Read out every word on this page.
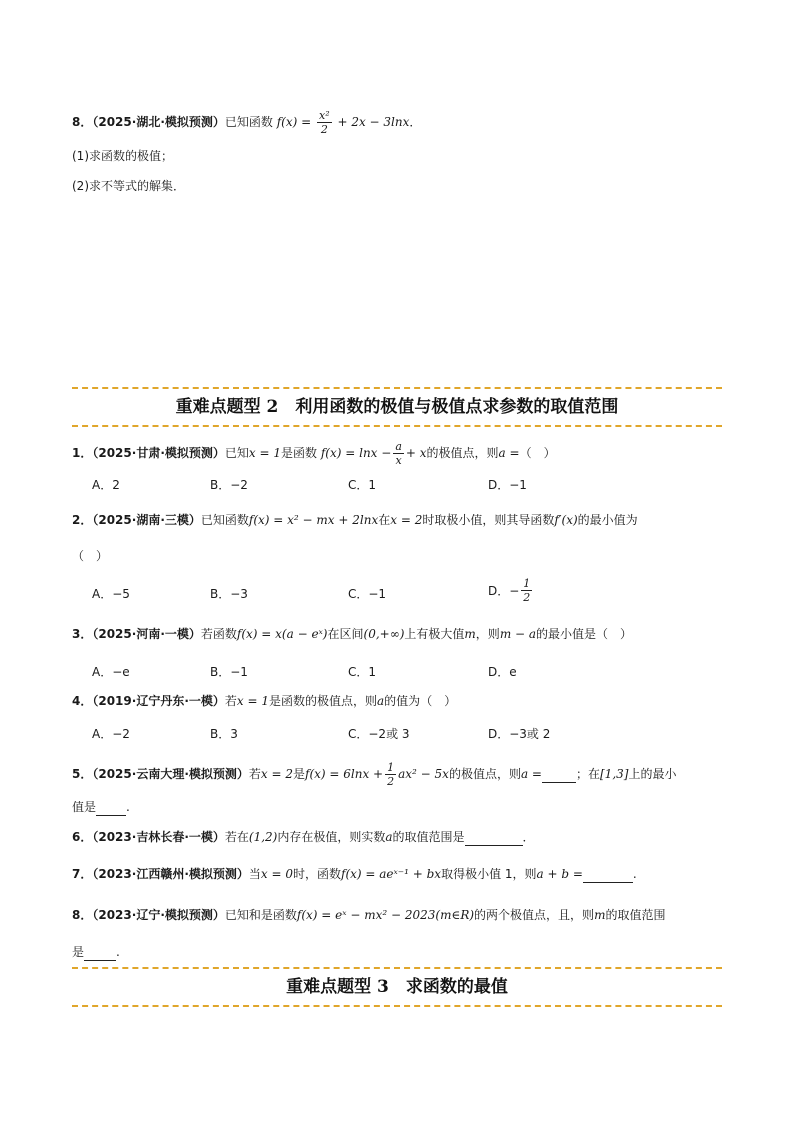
8．（2025·湖北·模拟预测）已知函数 $f(x) = \frac{\text{x²}}{2} + 2x - 3\ln x$．
(1)求函数的极值；
(2)求不等式的解集．
重难点题型 2　利用函数的极值与极值点求参数的取值范围
1．（2025·甘肃·模拟预测）已知x = 1是函数 $f(x) = \ln x - \frac{a}{x} + x$的极值点，则a =（　）
A．2	B．−2	C．1	D．−1
2．（2025·湖南·三模）已知函数f(x) = x² − mx + 2lnx在x = 2时取极小值，则其导函数f′(x)的最小值为
（　）
A．−5	B．−3	C．−1	D．− $\frac{1}{2}$
3．（2025·河南·一模）若函数f(x) = x(a − eˣ)在区间(0,+∞)上有极大值m，则m − a的最小值是（　）
A．−e	B．−1	C．1	D．e
4．（2019·辽宁丹东·一模）若x = 1是函数的极值点，则a的值为（　）
A．−2	B．3	C．−2或 3	D．−3或 2
5．（2025·云南大理·模拟预测）若x = 2是$f(x) = 6\ln x + \frac{1}{2} ax^2 - 5x$的极值点，则a =	；在[1,3]上的最小
值是	.
6．（2023·吉林长春·一模）若在(1,2)内存在极值，则实数a的取值范围是	．
7．（2023·江西赣州·模拟预测）当x = 0时，函数f(x) = aeˣ⁻¹ + bx取得极小值 1，则a + b =	.
8．（2023·辽宁·模拟预测）已知和是函数f(x) = eˣ − mx² − 2023(m∈R)的两个极值点，且，则m的取值范围
是	.
重难点题型 3　求函数的最值
